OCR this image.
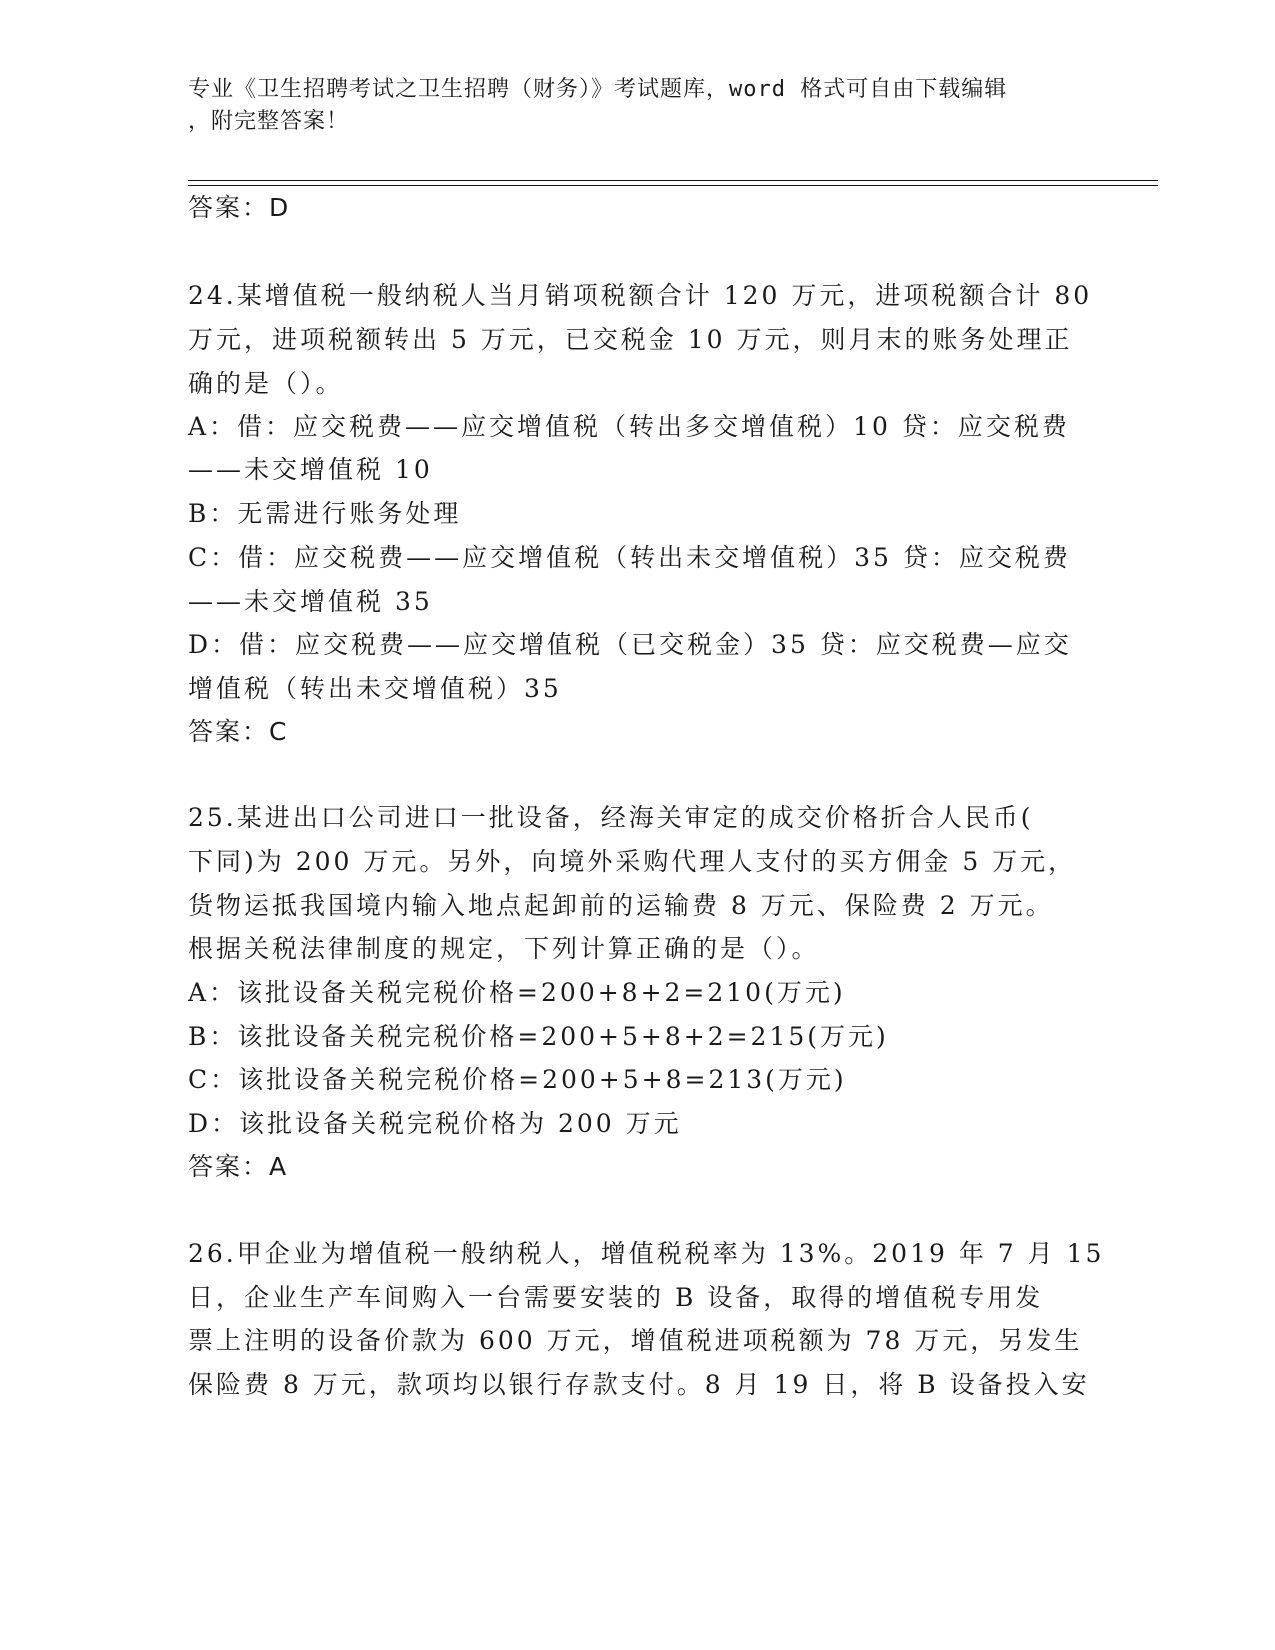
专业《卫生招聘考试之卫生招聘（财务）》考试题库，word 格式可自由下载编辑
，附完整答案！
答案：D
24.某增值税一般纳税人当月销项税额合计 120 万元，进项税额合计 80
万元，进项税额转出 5 万元，已交税金 10 万元，则月末的账务处理正
确的是（）。
A：借：应交税费——应交增值税（转出多交增值税）10 贷：应交税费
——未交增值税 10
B：无需进行账务处理
C：借：应交税费——应交增值税（转出未交增值税）35 贷：应交税费
——未交增值税 35
D：借：应交税费——应交增值税（已交税金）35 贷：应交税费—应交
增值税（转出未交增值税）35
答案：C
25.某进出口公司进口一批设备，经海关审定的成交价格折合人民币(
下同)为 200 万元。另外，向境外采购代理人支付的买方佣金 5 万元，
货物运抵我国境内输入地点起卸前的运输费 8 万元、保险费 2 万元。
根据关税法律制度的规定，下列计算正确的是（）。
A：该批设备关税完税价格=200+8+2=210(万元)
B：该批设备关税完税价格=200+5+8+2=215(万元)
C：该批设备关税完税价格=200+5+8=213(万元)
D：该批设备关税完税价格为 200 万元
答案：A
26.甲企业为增值税一般纳税人，增值税税率为 13%。2019 年 7 月 15
日，企业生产车间购入一台需要安装的 B 设备，取得的增值税专用发
票上注明的设备价款为 600 万元，增值税进项税额为 78 万元，另发生
保险费 8 万元，款项均以银行存款支付。8 月 19 日，将 B 设备投入安
